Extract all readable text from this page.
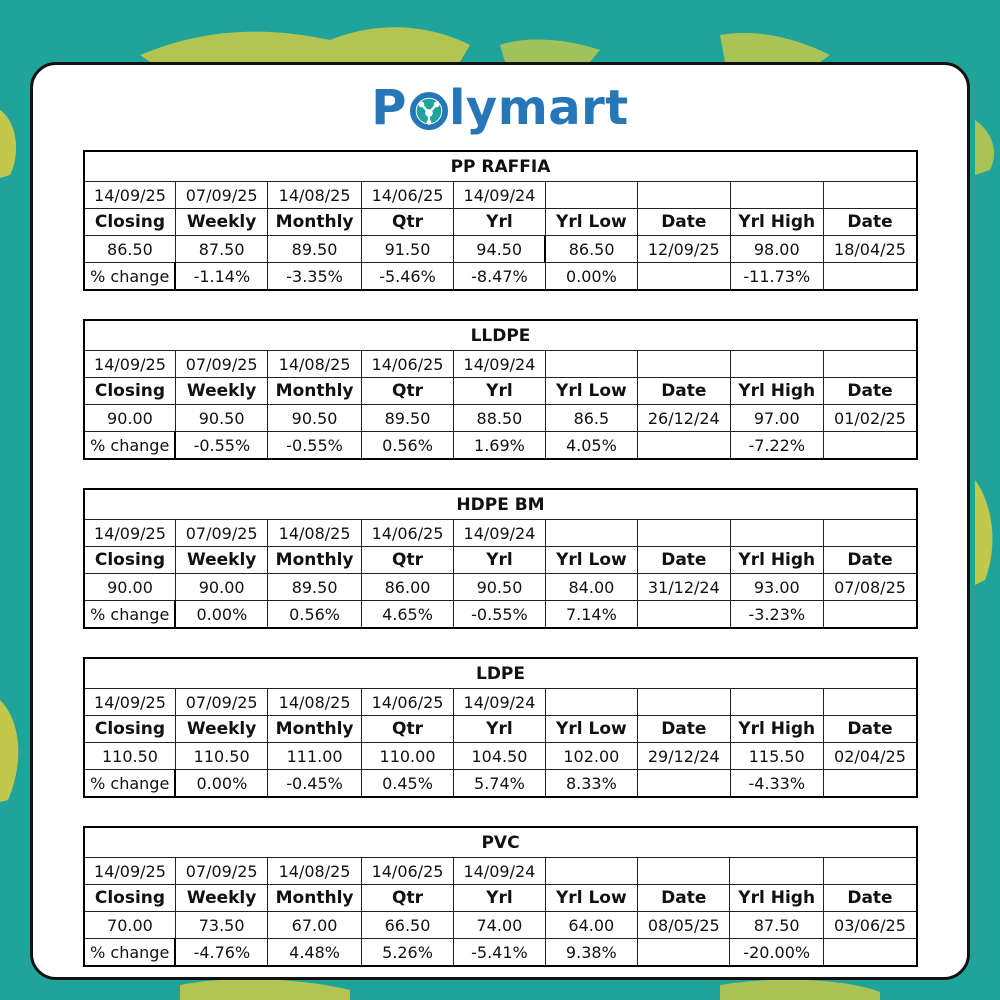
P lymart
PP RAFFIA								
14/09/25	07/09/25	14/08/25	14/06/25	14/09/24				
Closing	Weekly	Monthly	Qtr	Yrl	Yrl Low	Date	Yrl High	Date
86.50	87.50	89.50	91.50	94.50	86.50	12/09/25	98.00	18/04/25
% change	-1.14%	-3.35%	-5.46%	-8.47%	0.00%		-11.73%	
LLDPE								
14/09/25	07/09/25	14/08/25	14/06/25	14/09/24				
Closing	Weekly	Monthly	Qtr	Yrl	Yrl Low	Date	Yrl High	Date
90.00	90.50	90.50	89.50	88.50	86.5	26/12/24	97.00	01/02/25
% change	-0.55%	-0.55%	0.56%	1.69%	4.05%		-7.22%	
HDPE BM								
14/09/25	07/09/25	14/08/25	14/06/25	14/09/24				
Closing	Weekly	Monthly	Qtr	Yrl	Yrl Low	Date	Yrl High	Date
90.00	90.00	89.50	86.00	90.50	84.00	31/12/24	93.00	07/08/25
% change	0.00%	0.56%	4.65%	-0.55%	7.14%		-3.23%	
LDPE								
14/09/25	07/09/25	14/08/25	14/06/25	14/09/24				
Closing	Weekly	Monthly	Qtr	Yrl	Yrl Low	Date	Yrl High	Date
110.50	110.50	111.00	110.00	104.50	102.00	29/12/24	115.50	02/04/25
% change	0.00%	-0.45%	0.45%	5.74%	8.33%		-4.33%	
PVC								
14/09/25	07/09/25	14/08/25	14/06/25	14/09/24				
Closing	Weekly	Monthly	Qtr	Yrl	Yrl Low	Date	Yrl High	Date
70.00	73.50	67.00	66.50	74.00	64.00	08/05/25	87.50	03/06/25
% change	-4.76%	4.48%	5.26%	-5.41%	9.38%		-20.00%	
